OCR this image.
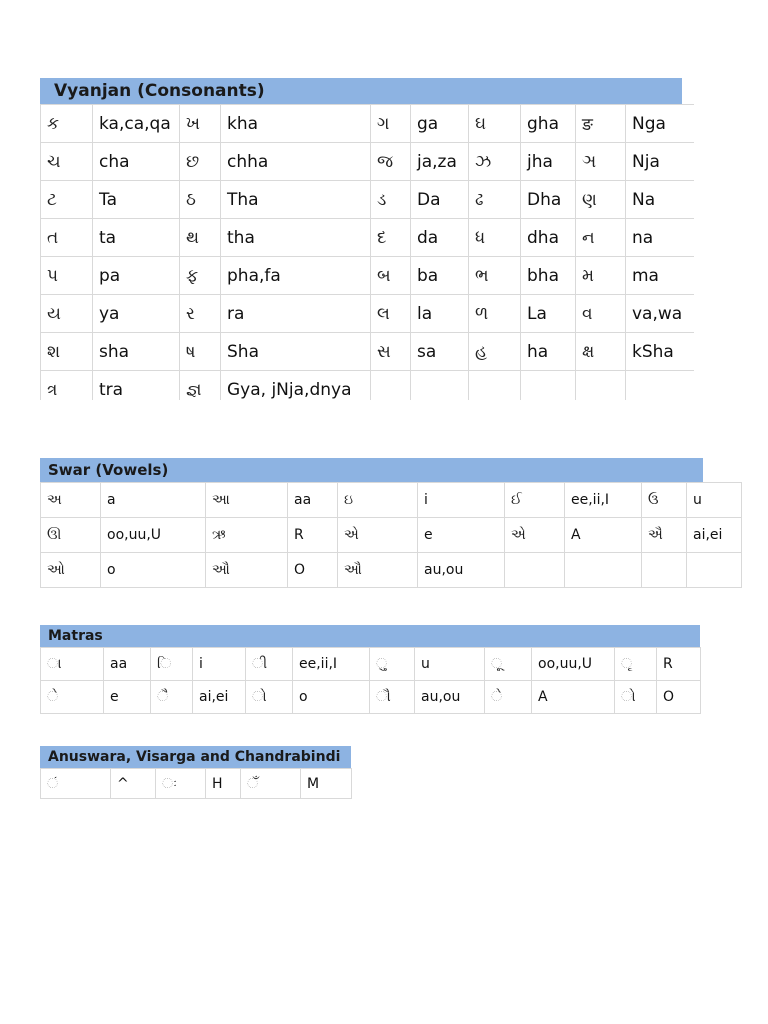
Vyanjan (Consonants)
ક	ka,ca,qa	ખ	kha	ગ	ga	ઘ	gha	ङ	Nga
ચ	cha	છ	chha	જ	ja,za	ઝ	jha	ઞ	Nja
ટ	Ta	ઠ	Tha	ડ	Da	ઢ	Dha	ણ	Na
ત	ta	થ	tha	દ	da	ધ	dha	ન	na
પ	pa	ફ	pha,fa	બ	ba	ભ	bha	મ	ma
ય	ya	ર	ra	લ	la	ળ	La	વ	va,wa
શ	sha	ષ	Sha	સ	sa	હ	ha	ક્ષ	kSha
ત્ર	tra	જ્ઞ	Gya, jNja,dnya						
Swar (Vowels)
અ	a	આ	aa	ઇ	i	ઈ	ee,ii,I	ઉ	u
ઊ	oo,uu,U	ઋ	R	એ	e	એ	A	ઐ	ai,ei
ઓ	o	ઔ	O	ઔ	au,ou				
Matras
ા	aa	િ	i	ી	ee,ii,I	ુ	u	ૂ	oo,uu,U	ૃ	R
ે	e	ૈ	ai,ei	ો	o	ૌ	au,ou	ે	A	ો	O
Anuswara, Visarga and Chandrabindi
ં	^	ઃ	H	ઁ	M
